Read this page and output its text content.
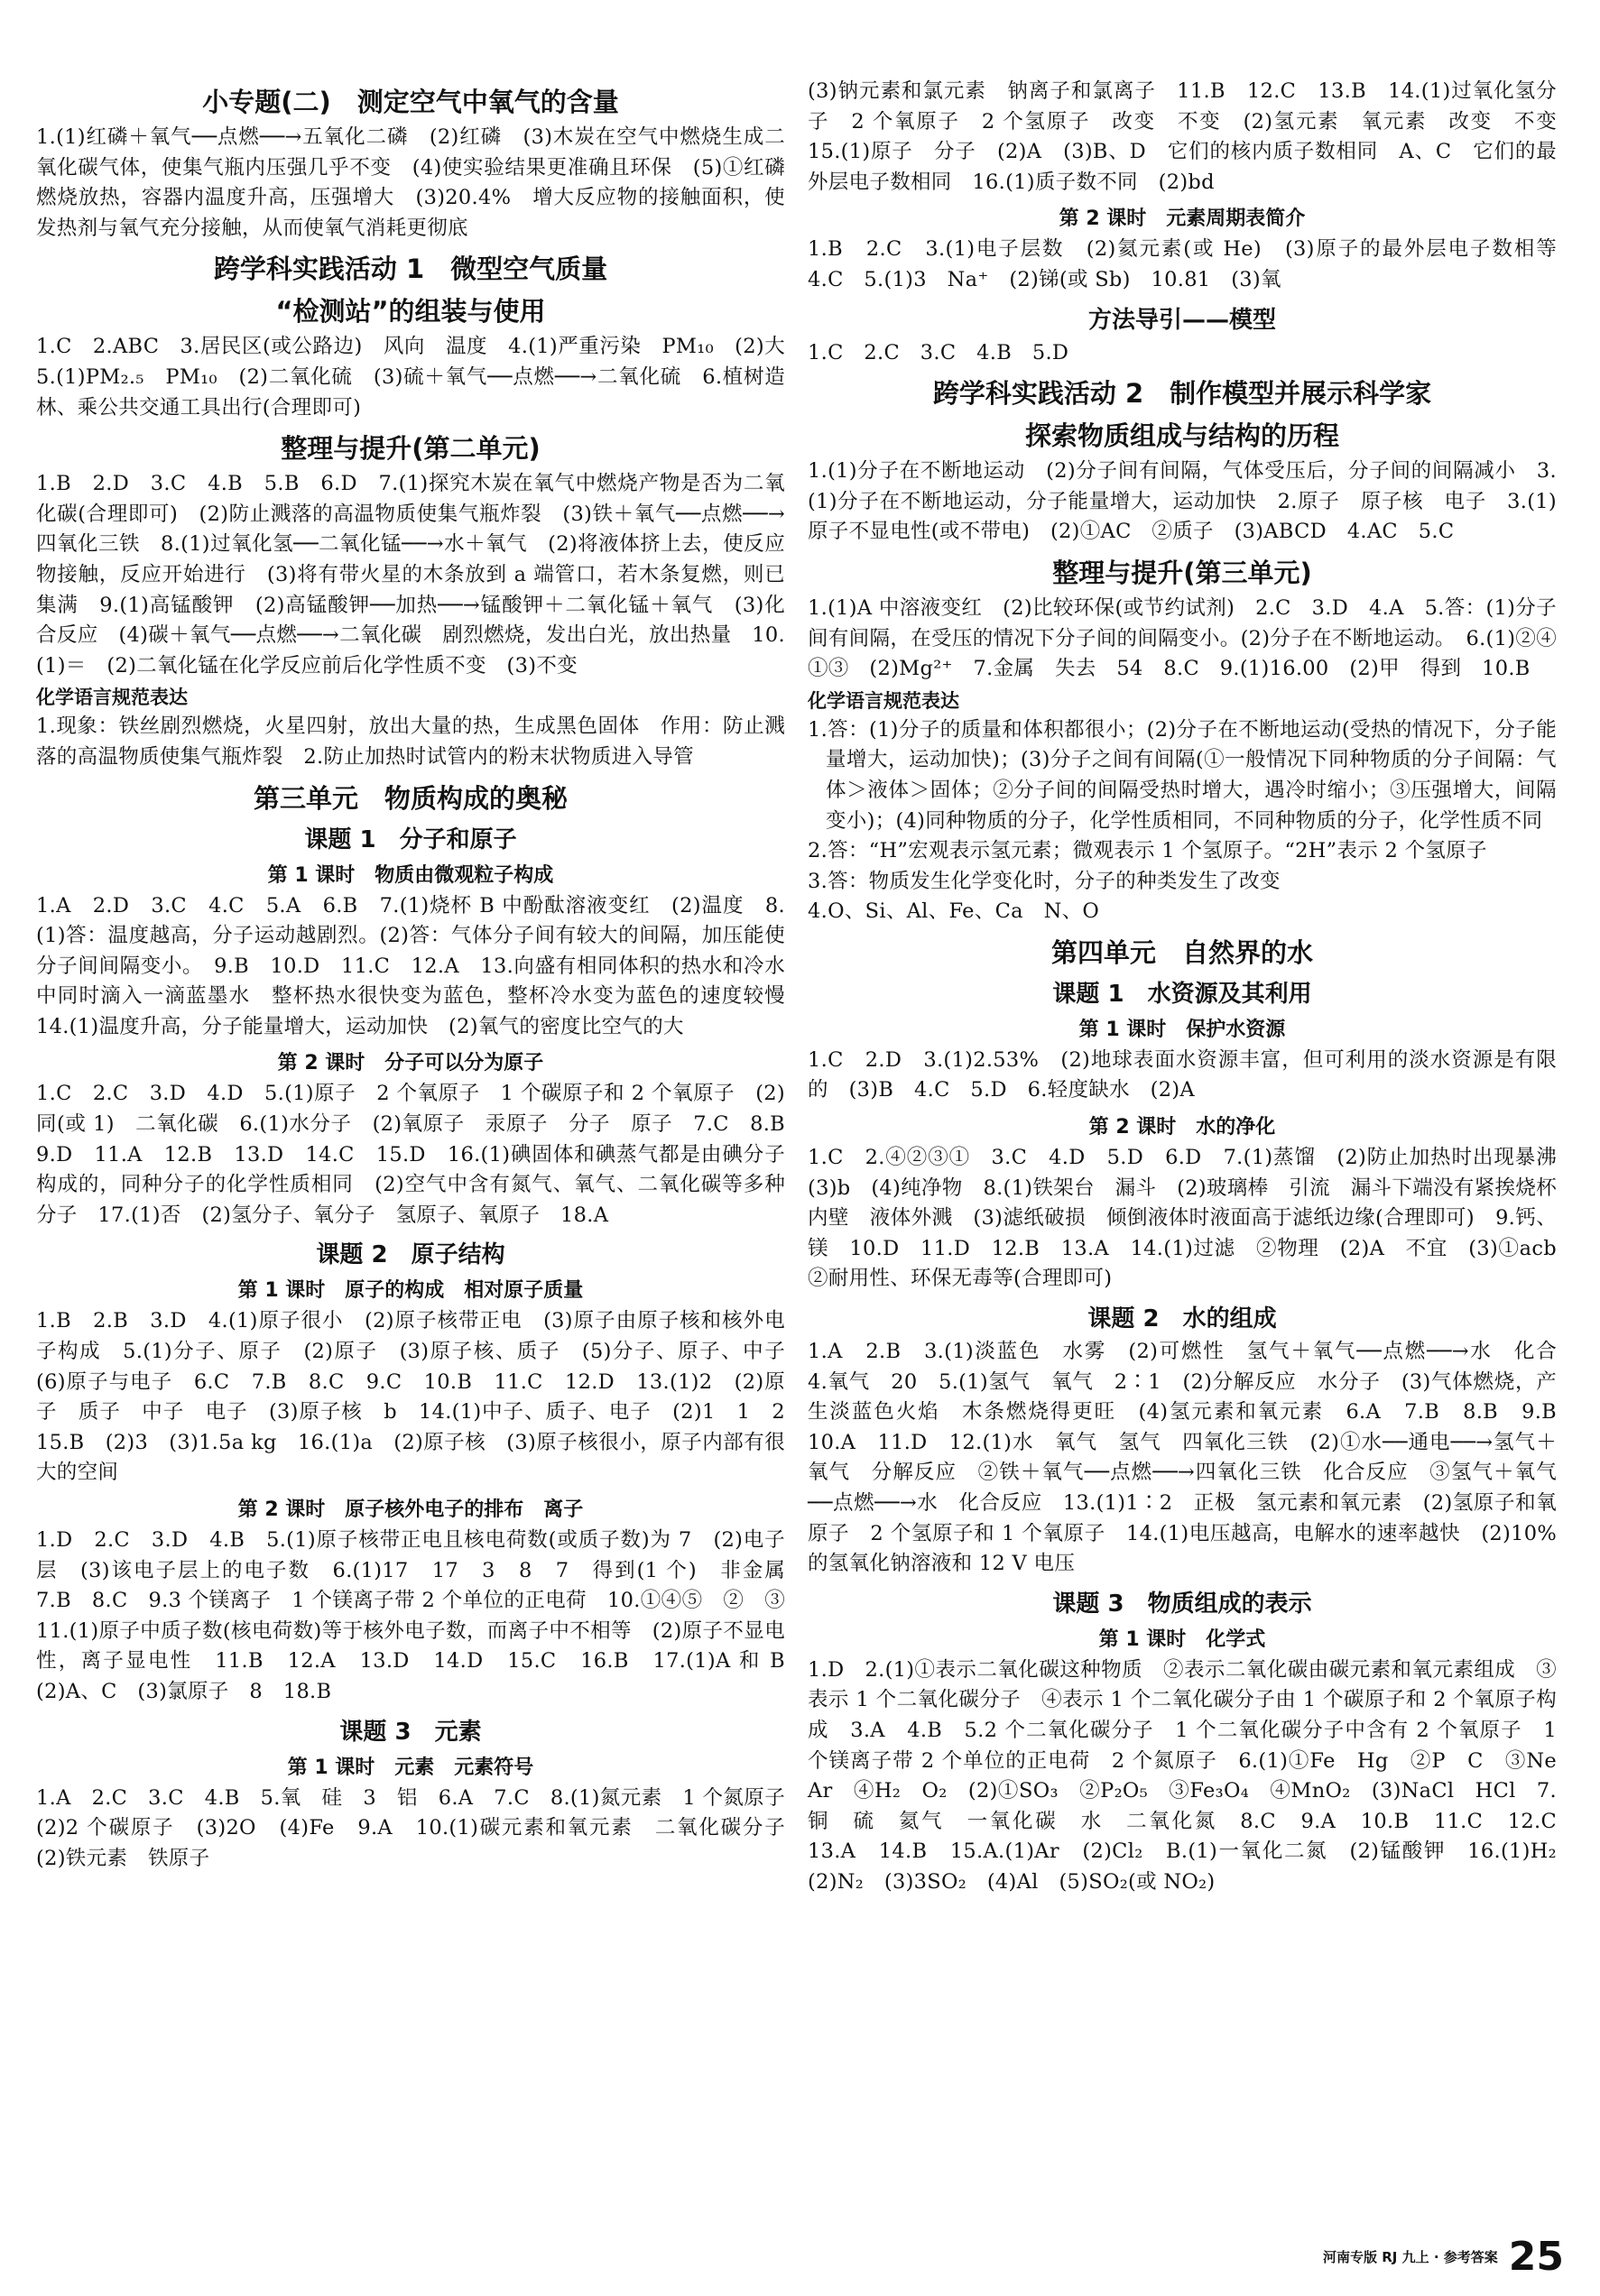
小专题(二)　测定空气中氧气的含量

1.(1)红磷＋氧气──点燃──→五氧化二磷　(2)红磷　(3)木炭在空气中燃烧生成二氧化碳气体，使集气瓶内压强几乎不变　(4)使实验结果更准确且环保　(5)①红磷燃烧放热，容器内温度升高，压强增大　(3)20.4%　增大反应物的接触面积，使发热剂与氧气充分接触，从而使氧气消耗更彻底

跨学科实践活动 1　微型空气质量
“检测站”的组装与使用

1.C　2.ABC　3.居民区(或公路边)　风向　温度　4.(1)严重污染　PM₁₀　(2)大　5.(1)PM₂.₅　PM₁₀　(2)二氧化硫　(3)硫＋氧气──点燃──→二氧化硫　6.植树造林、乘公共交通工具出行(合理即可)

整理与提升(第二单元)

1.B　2.D　3.C　4.B　5.B　6.D　7.(1)探究木炭在氧气中燃烧产物是否为二氧化碳(合理即可)　(2)防止溅落的高温物质使集气瓶炸裂　(3)铁＋氧气──点燃──→四氧化三铁　8.(1)过氧化氢──二氧化锰──→水＋氧气　(2)将液体挤上去，使反应物接触，反应开始进行　(3)将有带火星的木条放到 a 端管口，若木条复燃，则已集满　9.(1)高锰酸钾　(2)高锰酸钾──加热──→锰酸钾＋二氧化锰＋氧气　(3)化合反应　(4)碳＋氧气──点燃──→二氧化碳　剧烈燃烧，发出白光，放出热量　10.(1)＝　(2)二氧化锰在化学反应前后化学性质不变　(3)不变

化学语言规范表达

1.现象：铁丝剧烈燃烧，火星四射，放出大量的热，生成黑色固体　作用：防止溅落的高温物质使集气瓶炸裂　2.防止加热时试管内的粉末状物质进入导管

第三单元　物质构成的奥秘
课题 1　分子和原子
第 1 课时　物质由微观粒子构成

1.A　2.D　3.C　4.C　5.A　6.B　7.(1)烧杯 B 中酚酞溶液变红　(2)温度　8.(1)答：温度越高，分子运动越剧烈。(2)答：气体分子间有较大的间隔，加压能使分子间间隔变小。　9.B　10.D　11.C　12.A　13.向盛有相同体积的热水和冷水中同时滴入一滴蓝墨水　整杯热水很快变为蓝色，整杯冷水变为蓝色的速度较慢　14.(1)温度升高，分子能量增大，运动加快　(2)氧气的密度比空气的大

第 2 课时　分子可以分为原子

1.C　2.C　3.D　4.D　5.(1)原子　2 个氧原子　1 个碳原子和 2 个氧原子　(2)同(或 1)　二氧化碳　6.(1)水分子　(2)氧原子　汞原子　分子　原子　7.C　8.B　9.D　11.A　12.B　13.D　14.C　15.D　16.(1)碘固体和碘蒸气都是由碘分子构成的，同种分子的化学性质相同　(2)空气中含有氮气、氧气、二氧化碳等多种分子　17.(1)否　(2)氢分子、氧分子　氢原子、氧原子　18.A

课题 2　原子结构
第 1 课时　原子的构成　相对原子质量

1.B　2.B　3.D　4.(1)原子很小　(2)原子核带正电　(3)原子由原子核和核外电子构成　5.(1)分子、原子　(2)原子　(3)原子核、质子　(5)分子、原子、中子　(6)原子与电子　6.C　7.B　8.C　9.C　10.B　11.C　12.D　13.(1)2　(2)原子　质子　中子　电子　(3)原子核　b　14.(1)中子、质子、电子　(2)1　1　2　15.B　(2)3　(3)1.5a kg　16.(1)a　(2)原子核　(3)原子核很小，原子内部有很大的空间

第 2 课时　原子核外电子的排布　离子

1.D　2.C　3.D　4.B　5.(1)原子核带正电且核电荷数(或质子数)为 7　(2)电子层　(3)该电子层上的电子数　6.(1)17　17　3　8　7　得到(1 个)　非金属　7.B　8.C　9.3 个镁离子　1 个镁离子带 2 个单位的正电荷　10.①④⑤　②　③　11.(1)原子中质子数(核电荷数)等于核外电子数，而离子中不相等　(2)原子不显电性，离子显电性　11.B　12.A　13.D　14.D　15.C　16.B　17.(1)A 和 B　(2)A、C　(3)氯原子　8　18.B

课题 3　元素
第 1 课时　元素　元素符号

1.A　2.C　3.C　4.B　5.氧　硅　3　铝　6.A　7.C　8.(1)氮元素　1 个氮原子　(2)2 个碳原子　(3)2O　(4)Fe　9.A　10.(1)碳元素和氧元素　二氧化碳分子　(2)铁元素　铁原子

(3)钠元素和氯元素　钠离子和氯离子　11.B　12.C　13.B　14.(1)过氧化氢分子　2 个氧原子　2 个氢原子　改变　不变　(2)氢元素　氧元素　改变　不变　15.(1)原子　分子　(2)A　(3)B、D　它们的核内质子数相同　A、C　它们的最外层电子数相同　16.(1)质子数不同　(2)bd

第 2 课时　元素周期表简介

1.B　2.C　3.(1)电子层数　(2)氦元素(或 He)　(3)原子的最外层电子数相等　4.C　5.(1)3　Na⁺　(2)锑(或 Sb)　10.81　(3)氧

方法导引——模型

1.C　2.C　3.C　4.B　5.D

跨学科实践活动 2　制作模型并展示科学家
探索物质组成与结构的历程

1.(1)分子在不断地运动　(2)分子间有间隔，气体受压后，分子间的间隔减小　3.(1)分子在不断地运动，分子能量增大，运动加快　2.原子　原子核　电子　3.(1)原子不显电性(或不带电)　(2)①AC　②质子　(3)ABCD　4.AC　5.C

整理与提升(第三单元)

1.(1)A 中溶液变红　(2)比较环保(或节约试剂)　2.C　3.D　4.A　5.答：(1)分子间有间隔，在受压的情况下分子间的间隔变小。(2)分子在不断地运动。　6.(1)②④　①③　(2)Mg²⁺　7.金属　失去　54　8.C　9.(1)16.00　(2)甲　得到　10.B

化学语言规范表达

1.答：(1)分子的质量和体积都很小；(2)分子在不断地运动(受热的情况下，分子能量增大，运动加快)；(3)分子之间有间隔(①一般情况下同种物质的分子间隔：气体＞液体＞固体；②分子间的间隔受热时增大，遇冷时缩小；③压强增大，间隔变小)；(4)同种物质的分子，化学性质相同，不同种物质的分子，化学性质不同

2.答：“H”宏观表示氢元素；微观表示 1 个氢原子。“2H”表示 2 个氢原子

3.答：物质发生化学变化时，分子的种类发生了改变

4.O、Si、Al、Fe、Ca　N、O

第四单元　自然界的水
课题 1　水资源及其利用
第 1 课时　保护水资源

1.C　2.D　3.(1)2.53%　(2)地球表面水资源丰富，但可利用的淡水资源是有限的　(3)B　4.C　5.D　6.轻度缺水　(2)A

第 2 课时　水的净化

1.C　2.④②③①　3.C　4.D　5.D　6.D　7.(1)蒸馏　(2)防止加热时出现暴沸　(3)b　(4)纯净物　8.(1)铁架台　漏斗　(2)玻璃棒　引流　漏斗下端没有紧挨烧杯内壁　液体外溅　(3)滤纸破损　倾倒液体时液面高于滤纸边缘(合理即可)　9.钙、镁　10.D　11.D　12.B　13.A　14.(1)过滤　②物理　(2)A　不宜　(3)①acb　②耐用性、环保无毒等(合理即可)

课题 2　水的组成

1.A　2.B　3.(1)淡蓝色　水雾　(2)可燃性　氢气＋氧气──点燃──→水　化合　4.氧气　20　5.(1)氢气　氧气　2∶1　(2)分解反应　水分子　(3)气体燃烧，产生淡蓝色火焰　木条燃烧得更旺　(4)氢元素和氧元素　6.A　7.B　8.B　9.B　10.A　11.D　12.(1)水　氧气　氢气　四氧化三铁　(2)①水──通电──→氢气＋氧气　分解反应　②铁＋氧气──点燃──→四氧化三铁　化合反应　③氢气＋氧气──点燃──→水　化合反应　13.(1)1∶2　正极　氢元素和氧元素　(2)氢原子和氧原子　2 个氢原子和 1 个氧原子　14.(1)电压越高，电解水的速率越快　(2)10%的氢氧化钠溶液和 12 V 电压

课题 3　物质组成的表示
第 1 课时　化学式

1.D　2.(1)①表示二氧化碳这种物质　②表示二氧化碳由碳元素和氧元素组成　③表示 1 个二氧化碳分子　④表示 1 个二氧化碳分子由 1 个碳原子和 2 个氧原子构成　3.A　4.B　5.2 个二氧化碳分子　1 个二氧化碳分子中含有 2 个氧原子　1 个镁离子带 2 个单位的正电荷　2 个氮原子　6.(1)①Fe　Hg　②P　C　③Ne　Ar　④H₂　O₂　(2)①SO₃　②P₂O₅　③Fe₃O₄　④MnO₂　(3)NaCl　HCl　7.铜　硫　氦气　一氧化碳　水　二氧化氮　8.C　9.A　10.B　11.C　12.C　13.A　14.B　15.A.(1)Ar　(2)Cl₂　B.(1)一氧化二氮　(2)锰酸钾　16.(1)H₂　(2)N₂　(3)3SO₂　(4)Al　(5)SO₂(或 NO₂)

河南专版 RJ 九上 · 参考答案 25
